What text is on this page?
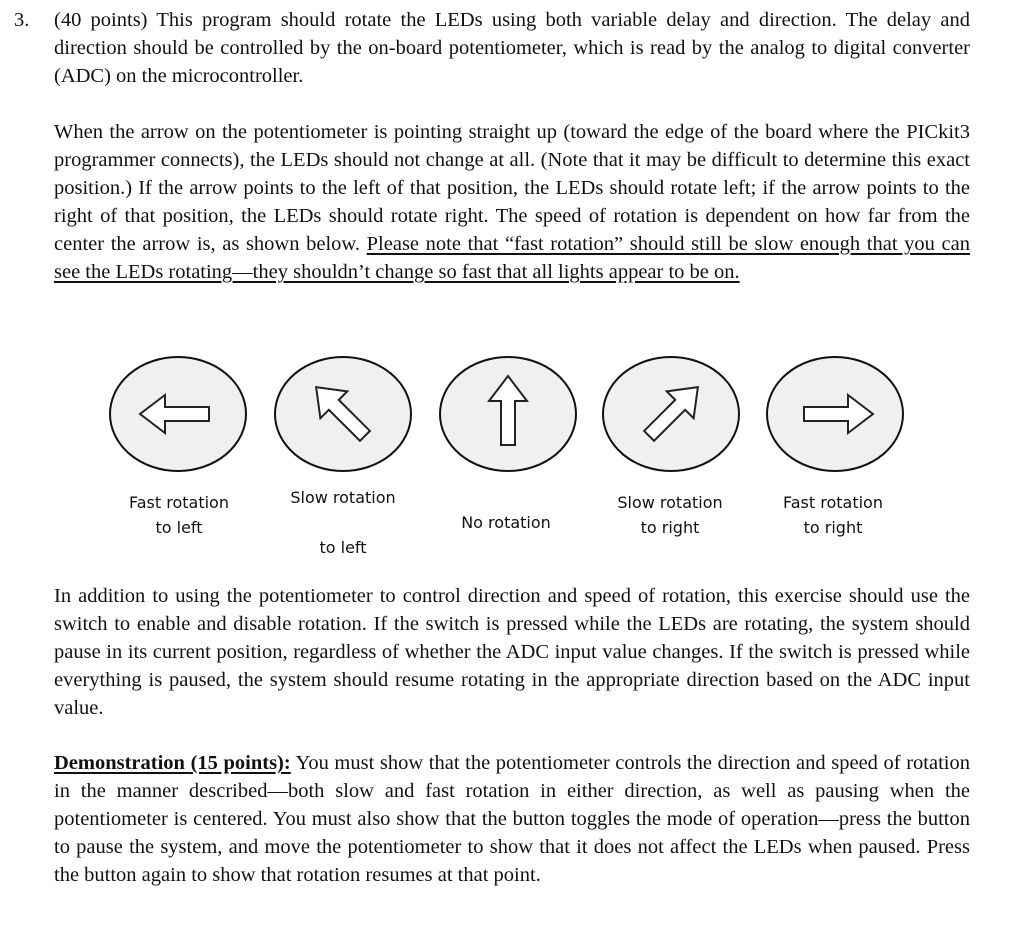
3. (40 points) This program should rotate the LEDs using both variable delay and direction. The delay and direction should be controlled by the on-board potentiometer, which is read by the analog to digital converter (ADC) on the microcontroller.

When the arrow on the potentiometer is pointing straight up (toward the edge of the board where the PICkit3 programmer connects), the LEDs should not change at all. (Note that it may be difficult to determine this exact position.) If the arrow points to the left of that position, the LEDs should rotate left; if the arrow points to the right of that position, the LEDs should rotate right. The speed of rotation is dependent on how far from the center the arrow is, as shown below. Please note that “fast rotation” should still be slow enough that you can see the LEDs rotating—they shouldn’t change so fast that all lights appear to be on.

Fast rotation
to left
Slow rotation

to left
No rotation
Slow rotation
to right
Fast rotation
to right

In addition to using the potentiometer to control direction and speed of rotation, this exercise should use the switch to enable and disable rotation. If the switch is pressed while the LEDs are rotating, the system should pause in its current position, regardless of whether the ADC input value changes. If the switch is pressed while everything is paused, the system should resume rotating in the appropriate direction based on the ADC input value.

Demonstration (15 points): You must show that the potentiometer controls the direction and speed of rotation in the manner described—both slow and fast rotation in either direction, as well as pausing when the potentiometer is centered. You must also show that the button toggles the mode of operation—press the button to pause the system, and move the potentiometer to show that it does not affect the LEDs when paused. Press the button again to show that rotation resumes at that point.
